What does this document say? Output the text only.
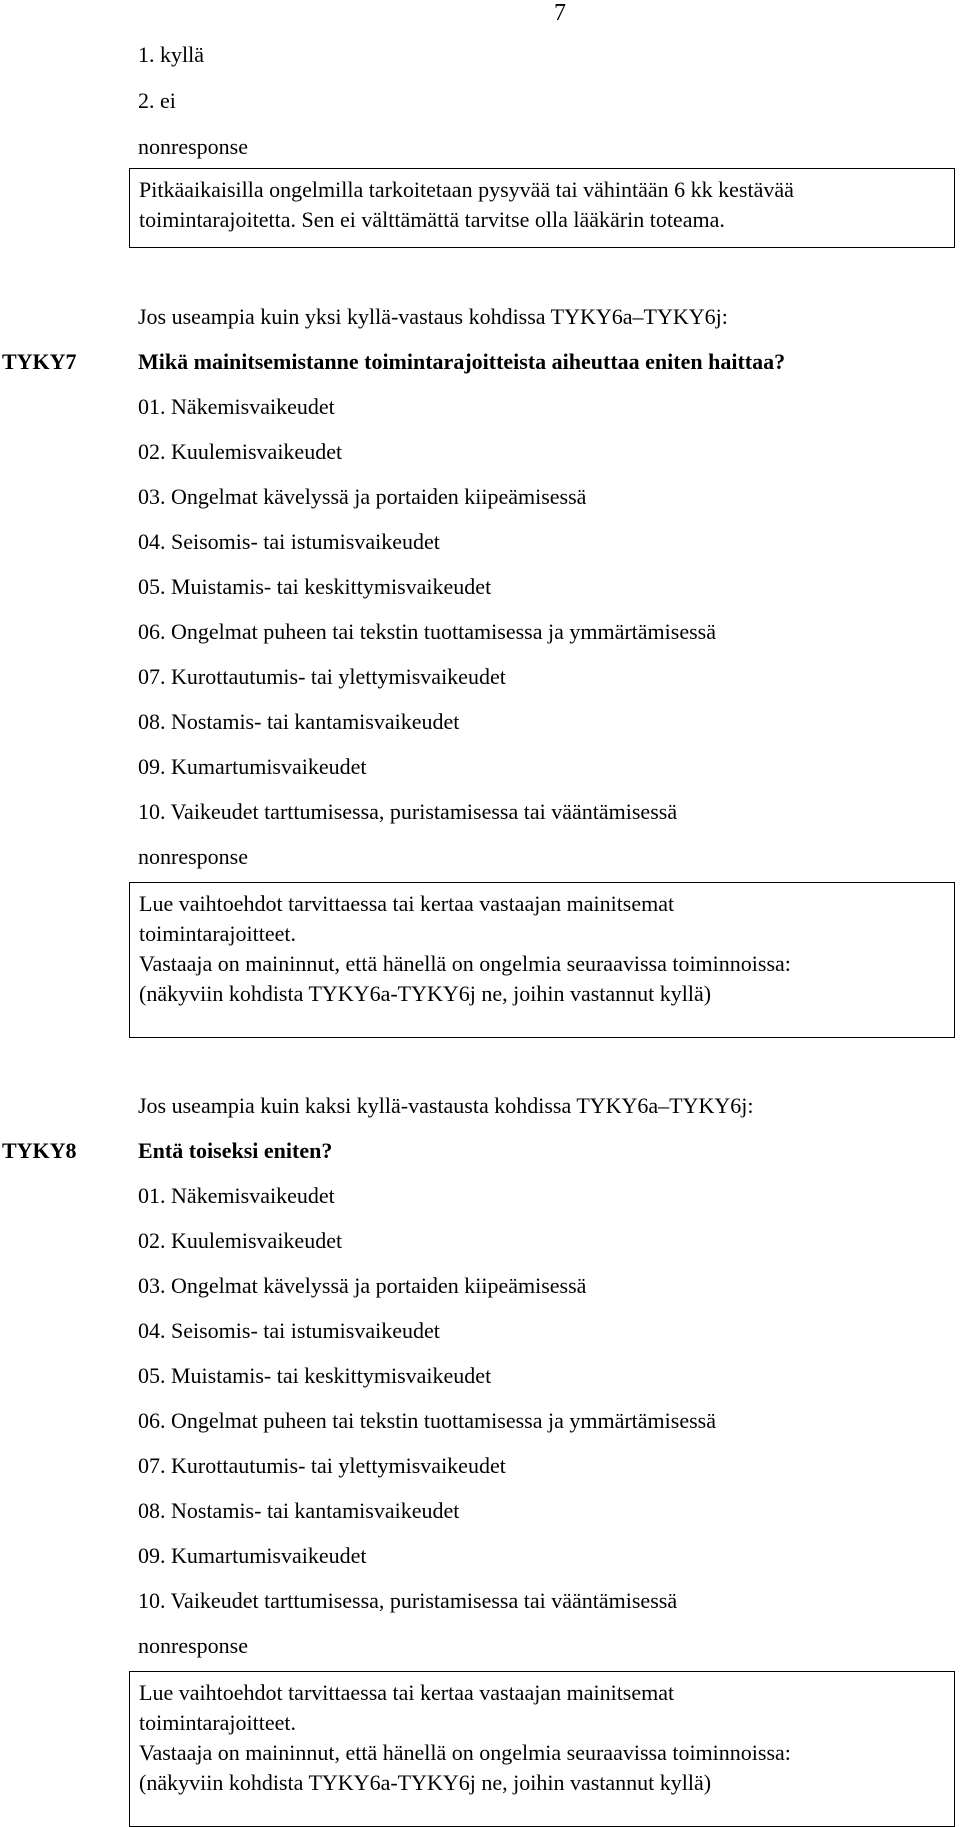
7
1. kyllä
2. ei
nonresponse
Pitkäaikaisilla ongelmilla tarkoitetaan pysyvää tai vähintään 6 kk kestävää
toimintarajoitetta. Sen ei välttämättä tarvitse olla lääkärin toteama.
Jos useampia kuin yksi kyllä-vastaus kohdissa TYKY6a–TYKY6j:
TYKY7	Mikä mainitsemistanne toimintarajoitteista aiheuttaa eniten haittaa?
01. Näkemisvaikeudet
02. Kuulemisvaikeudet
03. Ongelmat kävelyssä ja portaiden kiipeämisessä
04. Seisomis- tai istumisvaikeudet
05. Muistamis- tai keskittymisvaikeudet
06. Ongelmat puheen tai tekstin tuottamisessa ja ymmärtämisessä
07. Kurottautumis- tai ylettymisvaikeudet
08. Nostamis- tai kantamisvaikeudet
09. Kumartumisvaikeudet
10. Vaikeudet tarttumisessa, puristamisessa tai vääntämisessä
nonresponse
Lue vaihtoehdot tarvittaessa tai kertaa vastaajan mainitsemat
toimintarajoitteet.
Vastaaja on maininnut, että hänellä on ongelmia seuraavissa toiminnoissa:
(näkyviin kohdista TYKY6a-TYKY6j ne, joihin vastannut kyllä)
Jos useampia kuin kaksi kyllä-vastausta kohdissa TYKY6a–TYKY6j:
TYKY8	Entä toiseksi eniten?
01. Näkemisvaikeudet
02. Kuulemisvaikeudet
03. Ongelmat kävelyssä ja portaiden kiipeämisessä
04. Seisomis- tai istumisvaikeudet
05. Muistamis- tai keskittymisvaikeudet
06. Ongelmat puheen tai tekstin tuottamisessa ja ymmärtämisessä
07. Kurottautumis- tai ylettymisvaikeudet
08. Nostamis- tai kantamisvaikeudet
09. Kumartumisvaikeudet
10. Vaikeudet tarttumisessa, puristamisessa tai vääntämisessä
nonresponse
Lue vaihtoehdot tarvittaessa tai kertaa vastaajan mainitsemat
toimintarajoitteet.
Vastaaja on maininnut, että hänellä on ongelmia seuraavissa toiminnoissa:
(näkyviin kohdista TYKY6a-TYKY6j ne, joihin vastannut kyllä)
